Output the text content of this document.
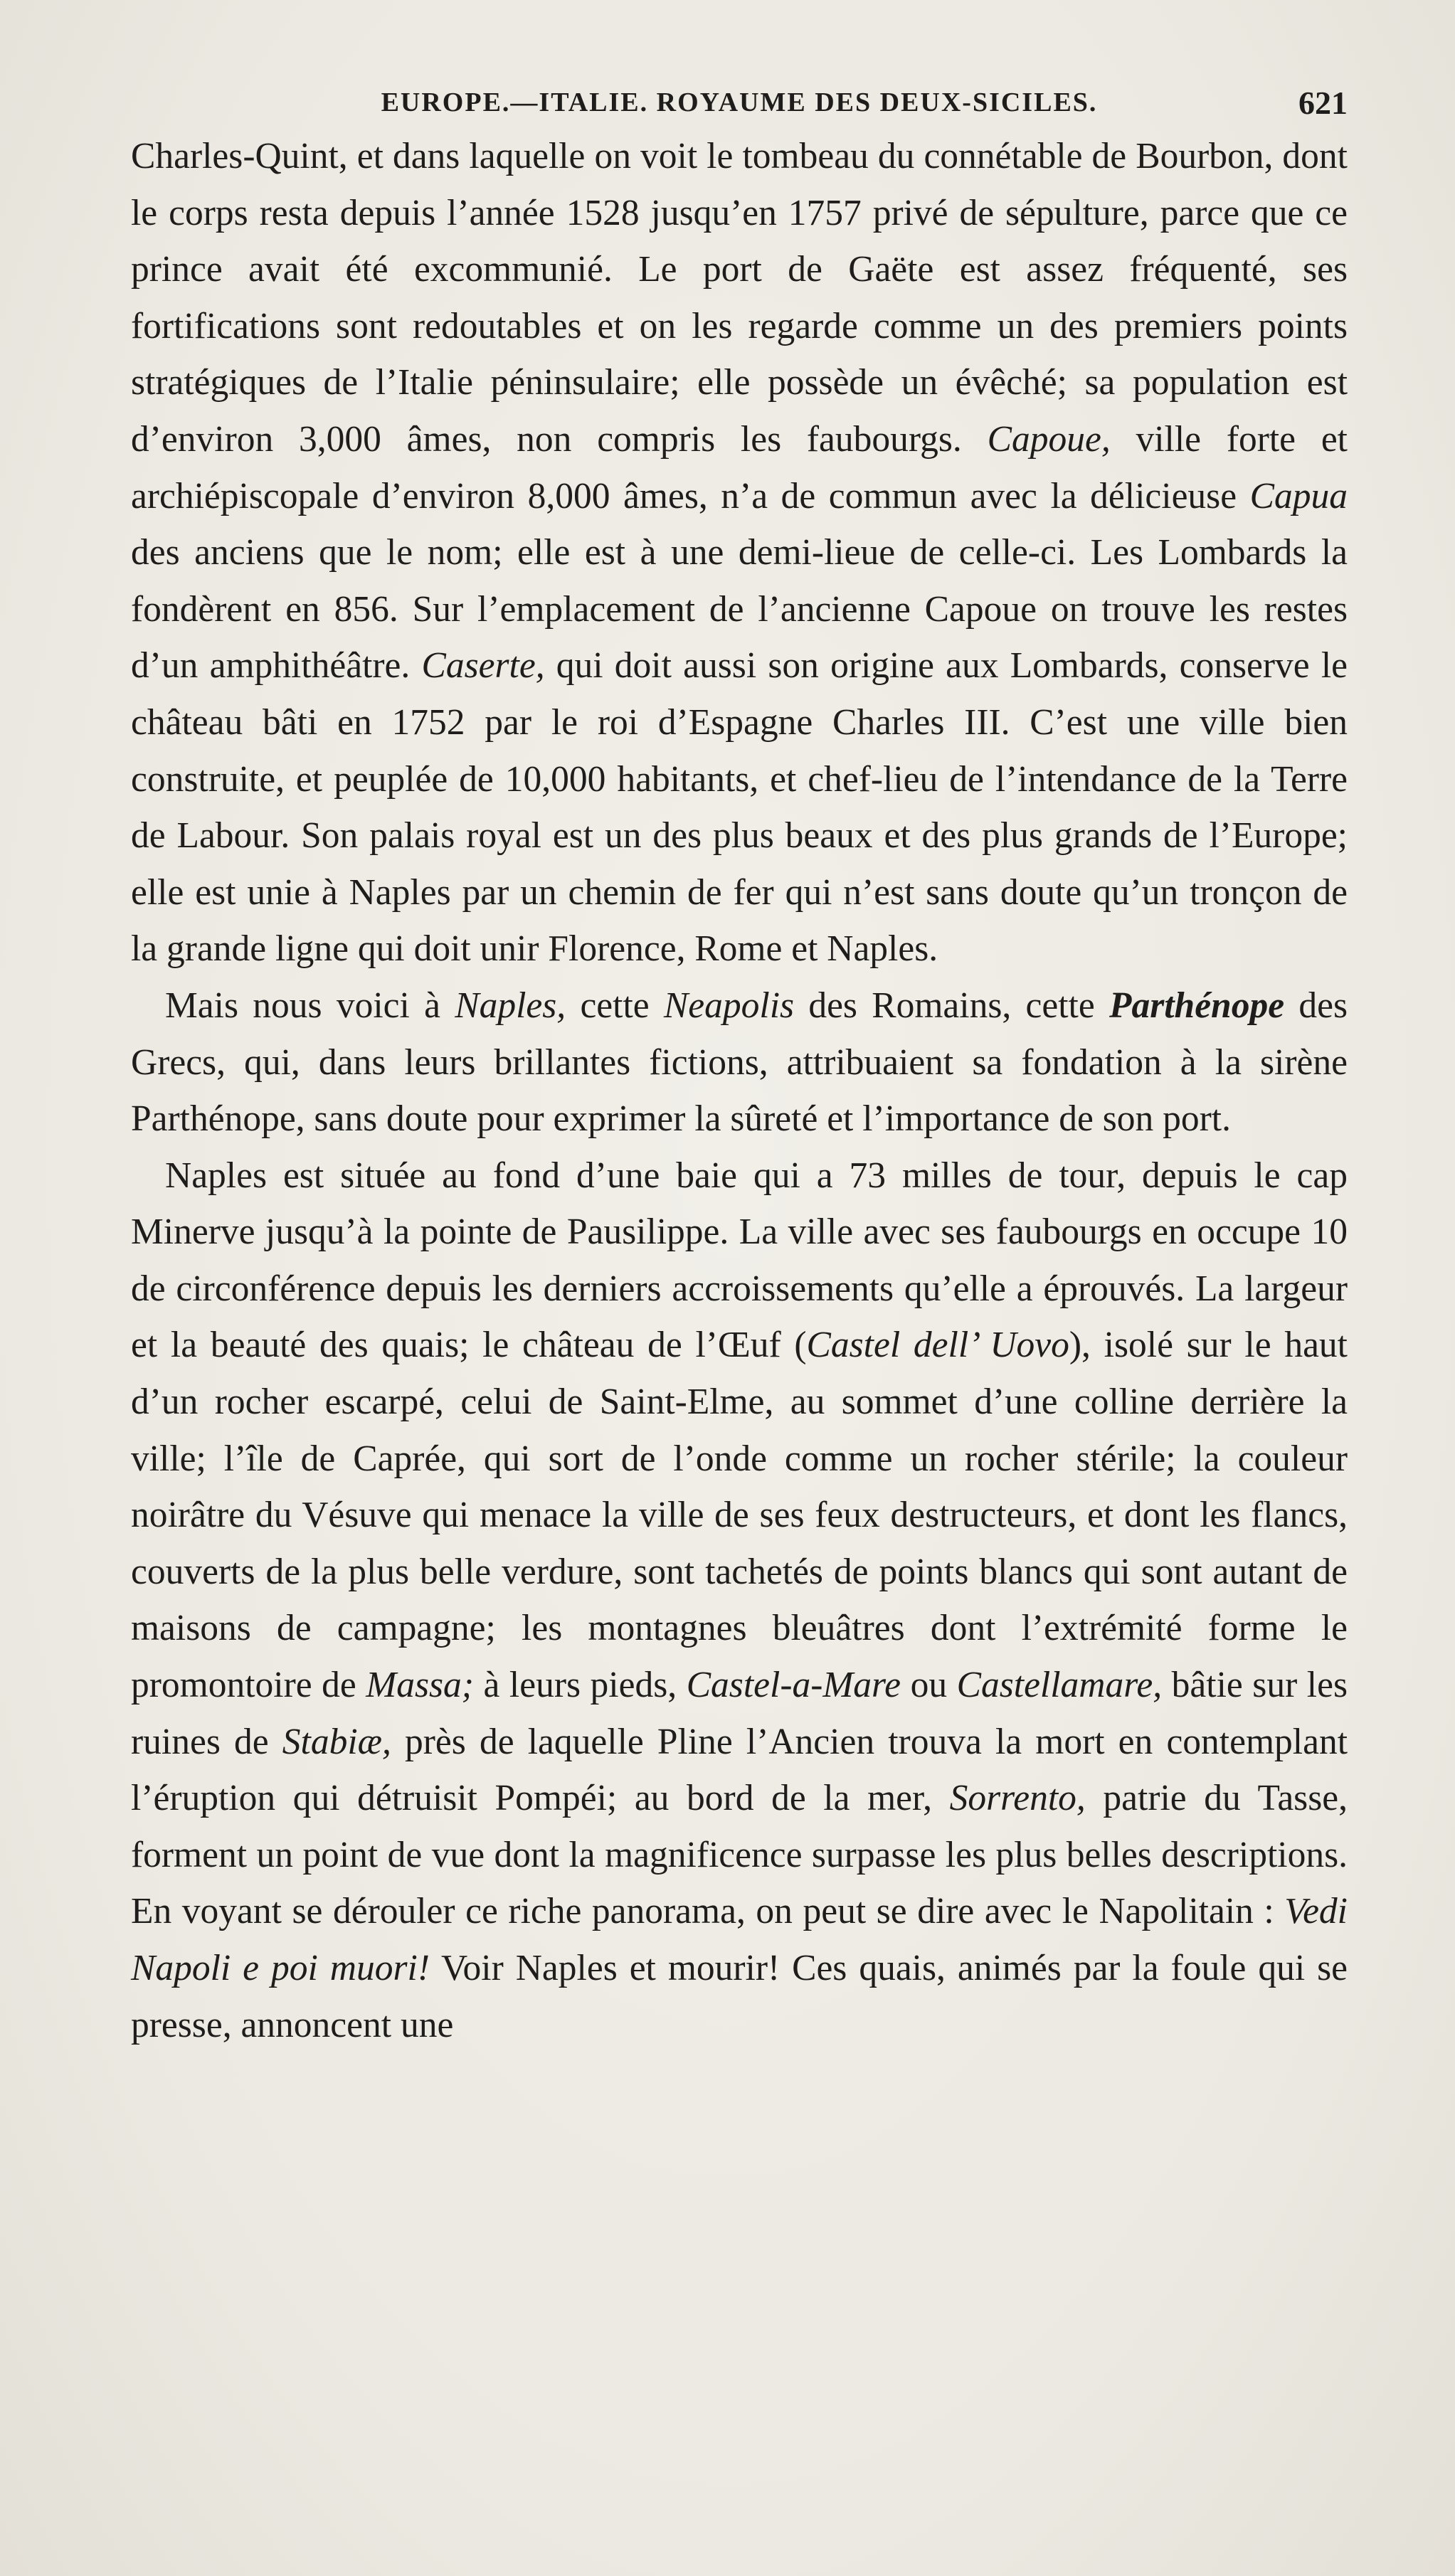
EUROPE.—ITALIE. ROYAUME DES DEUX-SICILES.	621

Charles-Quint, et dans laquelle on voit le tombeau du connétable de Bourbon, dont le corps resta depuis l’année 1528 jusqu’en 1757 privé de sépulture, parce que ce prince avait été excommunié. Le port de Gaëte est assez fréquenté, ses fortifications sont redoutables et on les regarde comme un des premiers points stratégiques de l’Italie péninsulaire; elle possède un évêché; sa population est d’environ 3,000 âmes, non compris les faubourgs. Capoue, ville forte et archiépiscopale d’environ 8,000 âmes, n’a de commun avec la délicieuse Capua des anciens que le nom; elle est à une demi-lieue de celle-ci. Les Lombards la fondèrent en 856. Sur l’emplacement de l’ancienne Capoue on trouve les restes d’un amphithéâtre. Caserte, qui doit aussi son origine aux Lombards, conserve le château bâti en 1752 par le roi d’Espagne Charles III. C’est une ville bien construite, et peuplée de 10,000 habitants, et chef-lieu de l’intendance de la Terre de Labour. Son palais royal est un des plus beaux et des plus grands de l’Europe; elle est unie à Naples par un chemin de fer qui n’est sans doute qu’un tronçon de la grande ligne qui doit unir Florence, Rome et Naples.

Mais nous voici à Naples, cette Neapolis des Romains, cette Parthénope des Grecs, qui, dans leurs brillantes fictions, attribuaient sa fondation à la sirène Parthénope, sans doute pour exprimer la sûreté et l’importance de son port.

Naples est située au fond d’une baie qui a 73 milles de tour, depuis le cap Minerve jusqu’à la pointe de Pausilippe. La ville avec ses faubourgs en occupe 10 de circonférence depuis les derniers accroissements qu’elle a éprouvés. La largeur et la beauté des quais; le château de l’Œuf (Castel dell’ Uovo), isolé sur le haut d’un rocher escarpé, celui de Saint-Elme, au sommet d’une colline derrière la ville; l’île de Caprée, qui sort de l’onde comme un rocher stérile; la couleur noirâtre du Vésuve qui menace la ville de ses feux destructeurs, et dont les flancs, couverts de la plus belle verdure, sont tachetés de points blancs qui sont autant de maisons de campagne; les montagnes bleuâtres dont l’extrémité forme le promontoire de Massa; à leurs pieds, Castel-a-Mare ou Castellamare, bâtie sur les ruines de Stabiæ, près de laquelle Pline l’Ancien trouva la mort en contemplant l’éruption qui détruisit Pompéi; au bord de la mer, Sorrento, patrie du Tasse, forment un point de vue dont la magnificence surpasse les plus belles descriptions. En voyant se dérouler ce riche panorama, on peut se dire avec le Napolitain : Vedi Napoli e poi muori! Voir Naples et mourir! Ces quais, animés par la foule qui se presse, annoncent une
